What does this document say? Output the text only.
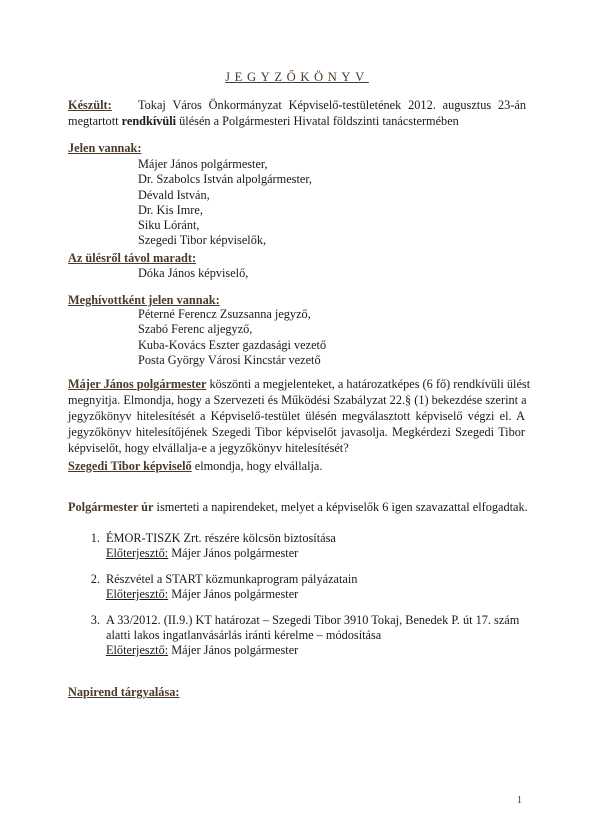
JEGYZŐKÖNYV
Készült: Tokaj Város Önkormányzat Képviselő-testületének 2012. augusztus 23-án
megtartott rendkívüli ülésén a Polgármesteri Hivatal földszinti tanácstermében
Jelen vannak:
Májer János polgármester,
Dr. Szabolcs István alpolgármester,
Dévald István,
Dr. Kis Imre,
Siku Lóránt,
Szegedi Tibor képviselők,
Az ülésről távol maradt:
Dóka János képviselő,
Meghívottként jelen vannak:
Péterné Ferencz Zsuzsanna jegyző,
Szabó Ferenc aljegyző,
Kuba-Kovács Eszter gazdasági vezető
Posta György Városi Kincstár vezető
Májer János polgármester köszönti a megjelenteket, a határozatképes (6 fő) rendkívüli ülést
megnyitja. Elmondja, hogy a Szervezeti és Működési Szabályzat 22.§ (1) bekezdése szerint a
jegyzőkönyv hitelesítését a Képviselő-testület ülésén megválasztott képviselő végzi el. A
jegyzőkönyv hitelesítőjének Szegedi Tibor képviselőt javasolja. Megkérdezi Szegedi Tibor
képviselőt, hogy elvállalja-e a jegyzőkönyv hitelesítését?
Szegedi Tibor képviselő elmondja, hogy elvállalja.
Polgármester úr ismerteti a napirendeket, melyet a képviselők 6 igen szavazattal elfogadtak.
1. ÉMOR-TISZK Zrt. részére kölcsön biztosítása
Előterjesztő: Májer János polgármester
2. Részvétel a START közmunkaprogram pályázatain
Előterjesztő: Májer János polgármester
3. A 33/2012. (II.9.) KT határozat – Szegedi Tibor 3910 Tokaj, Benedek P. út 17. szám
alatti lakos ingatlanvásárlás iránti kérelme – módosítása
Előterjesztő: Májer János polgármester
Napirend tárgyalása:
1
